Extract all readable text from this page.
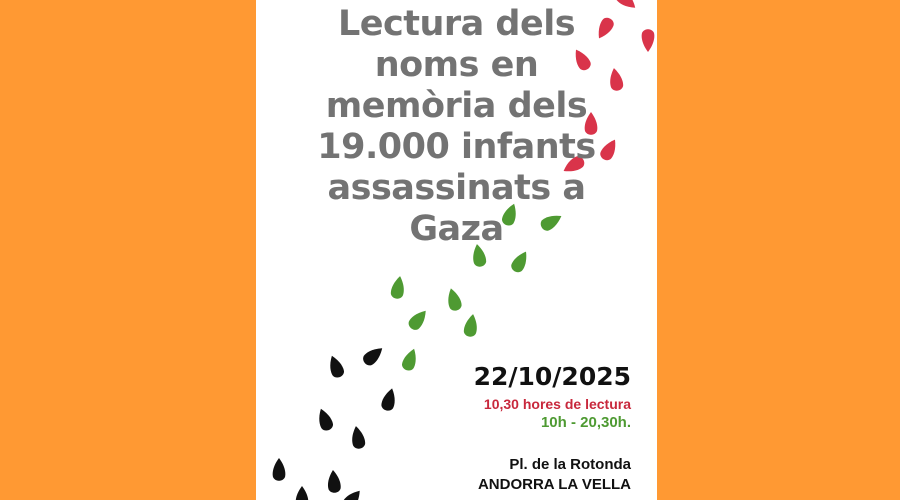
Lectura dels
noms en
memòria dels
19.000 infants
assassinats a
Gaza
22/10/2025
10,30 hores de lectura
10h - 20,30h.
Pl. de la Rotonda
ANDORRA LA VELLA
